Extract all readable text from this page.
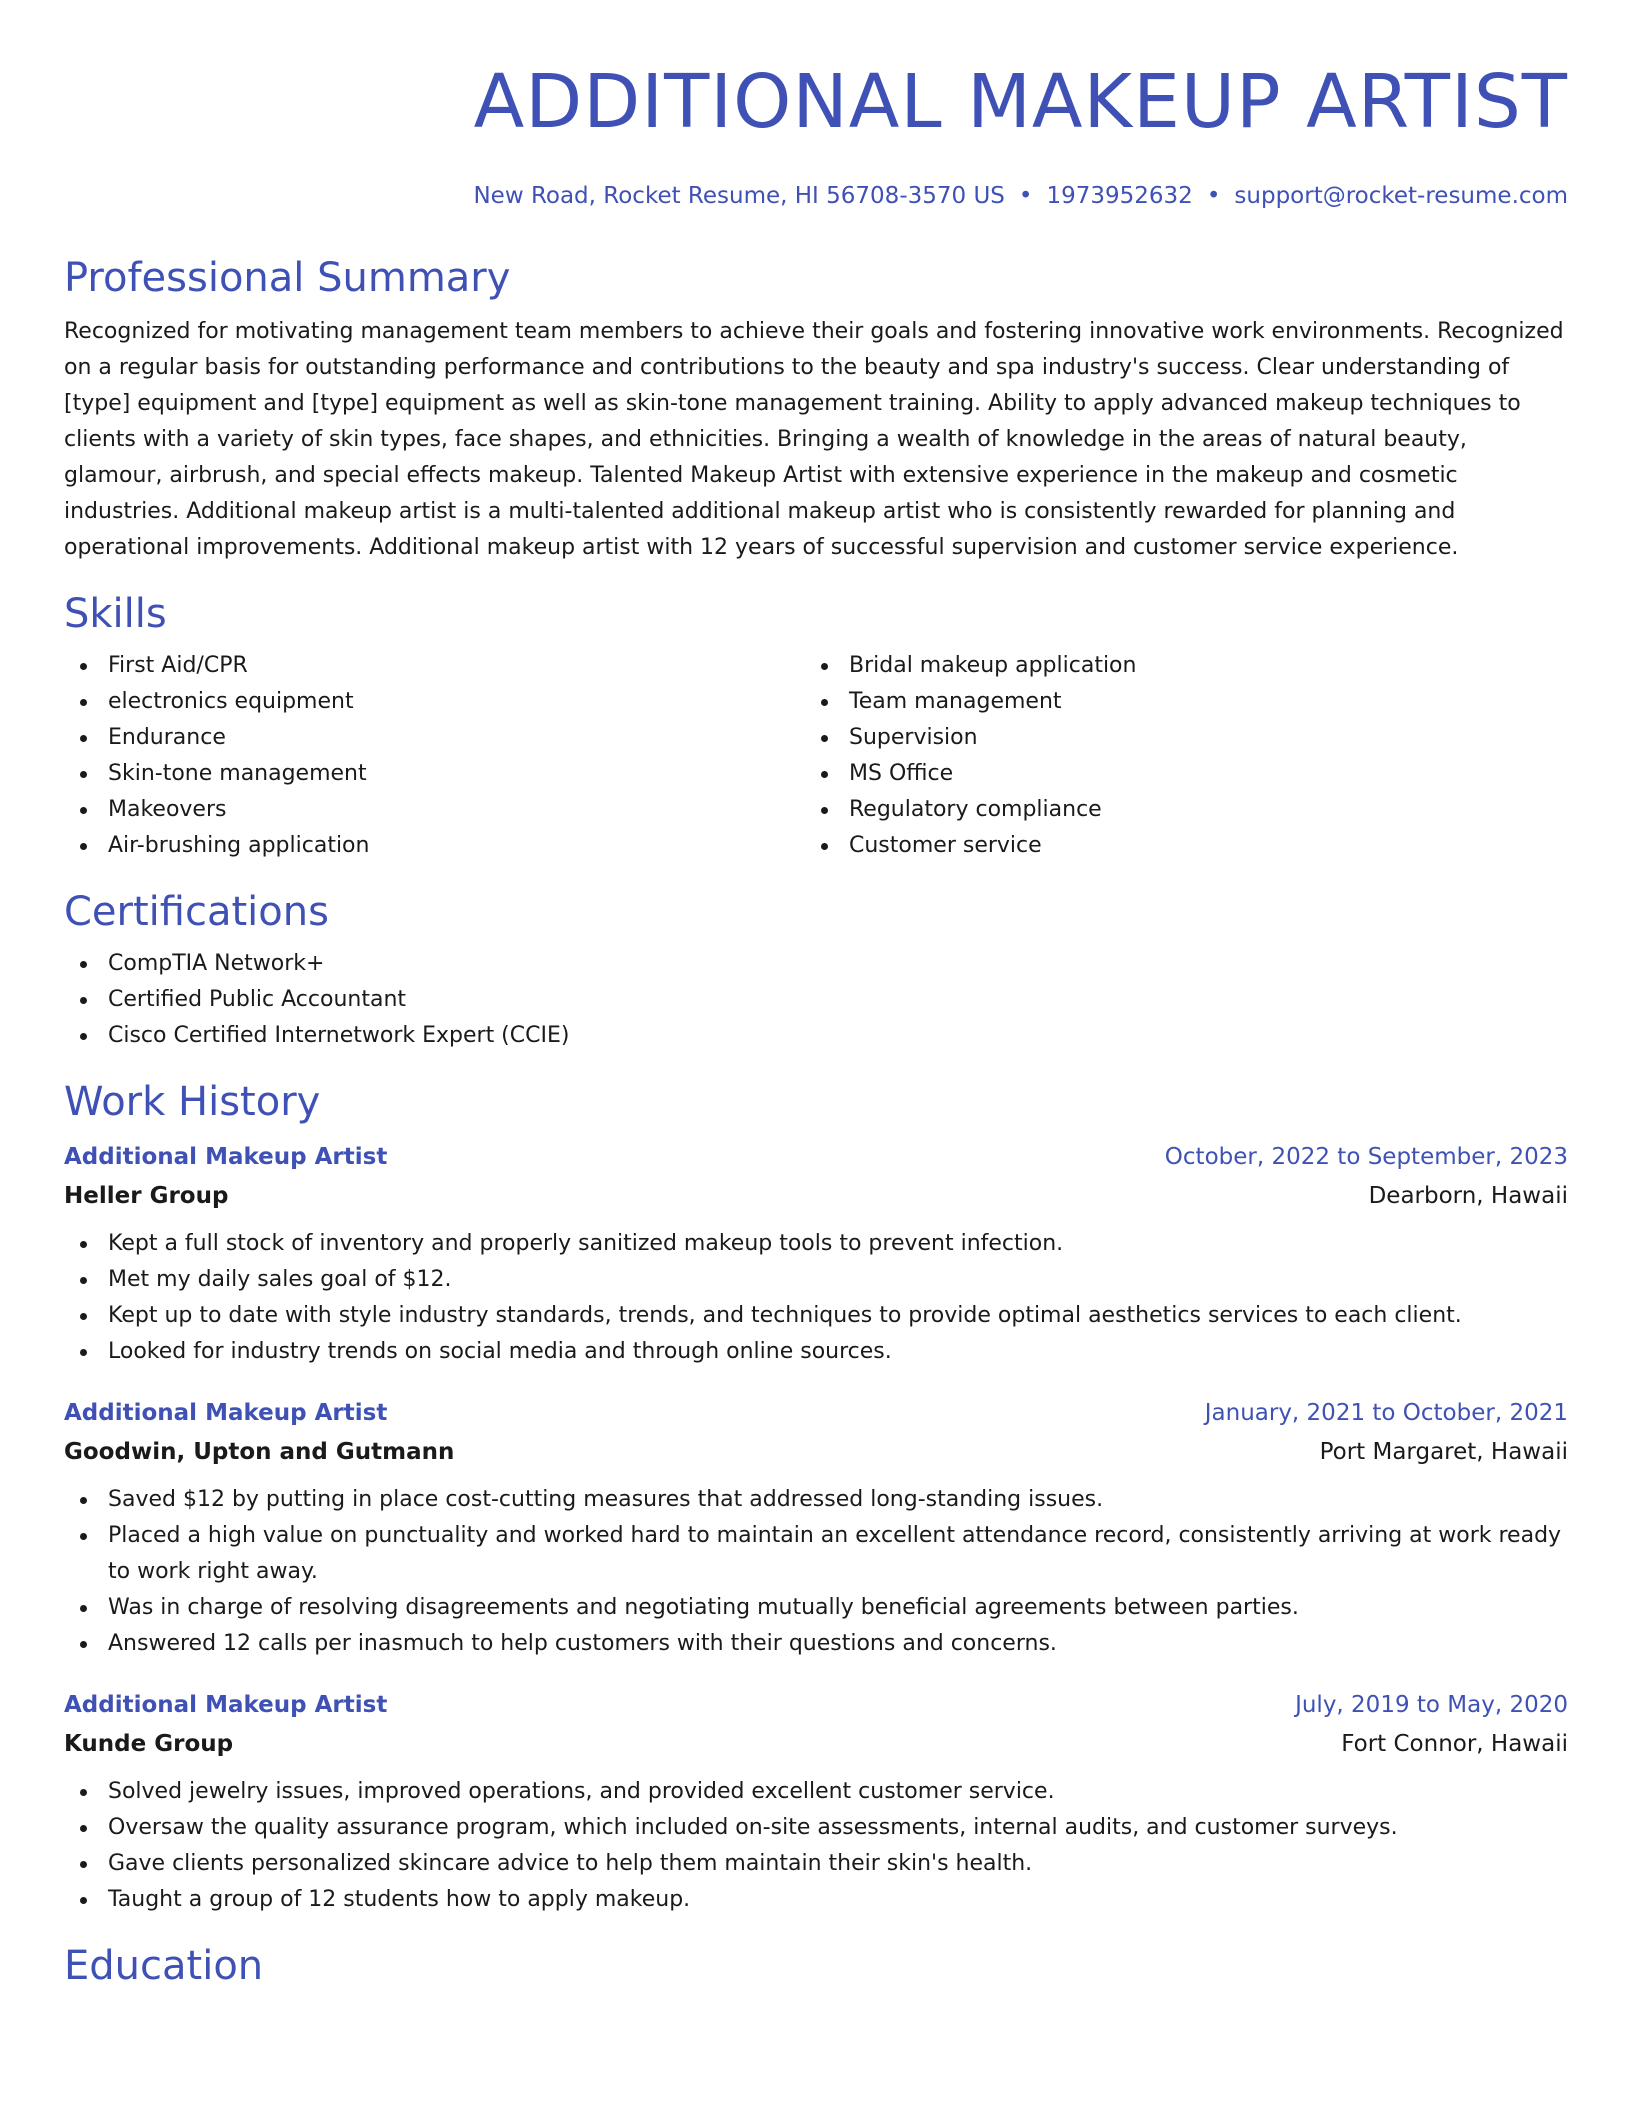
ADDITIONAL MAKEUP ARTIST
New Road, Rocket Resume, HI 56708-3570 US • 1973952632 • support@rocket-resume.com
Professional Summary

Recognized for motivating management team members to achieve their goals and fostering innovative work environments. Recognized on a regular basis for outstanding performance and contributions to the beauty and spa industry's success. Clear understanding of [type] equipment and [type] equipment as well as skin-tone management training. Ability to apply advanced makeup techniques to clients with a variety of skin types, face shapes, and ethnicities. Bringing a wealth of knowledge in the areas of natural beauty, glamour, airbrush, and special effects makeup. Talented Makeup Artist with extensive experience in the makeup and cosmetic industries. Additional makeup artist is a multi-talented additional makeup artist who is consistently rewarded for planning and operational improvements. Additional makeup artist with 12 years of successful supervision and customer service experience.

Skills
First Aid/CPR
electronics equipment
Endurance
Skin-tone management
Makeovers
Air-brushing application
Bridal makeup application
Team management
Supervision
MS Office
Regulatory compliance
Customer service
Certifications
CompTIA Network+
Certified Public Accountant
Cisco Certified Internetwork Expert (CCIE)
Work History
Additional Makeup Artist	October, 2022 to September, 2023
Heller Group	Dearborn, Hawaii
Kept a full stock of inventory and properly sanitized makeup tools to prevent infection.
Met my daily sales goal of $12.
Kept up to date with style industry standards, trends, and techniques to provide optimal aesthetics services to each client.
Looked for industry trends on social media and through online sources.
Additional Makeup Artist	January, 2021 to October, 2021
Goodwin, Upton and Gutmann	Port Margaret, Hawaii
Saved $12 by putting in place cost-cutting measures that addressed long-standing issues.
Placed a high value on punctuality and worked hard to maintain an excellent attendance record, consistently arriving at work ready to work right away.
Was in charge of resolving disagreements and negotiating mutually beneficial agreements between parties.
Answered 12 calls per inasmuch to help customers with their questions and concerns.
Additional Makeup Artist	July, 2019 to May, 2020
Kunde Group	Fort Connor, Hawaii
Solved jewelry issues, improved operations, and provided excellent customer service.
Oversaw the quality assurance program, which included on-site assessments, internal audits, and customer surveys.
Gave clients personalized skincare advice to help them maintain their skin's health.
Taught a group of 12 students how to apply makeup.
Education
